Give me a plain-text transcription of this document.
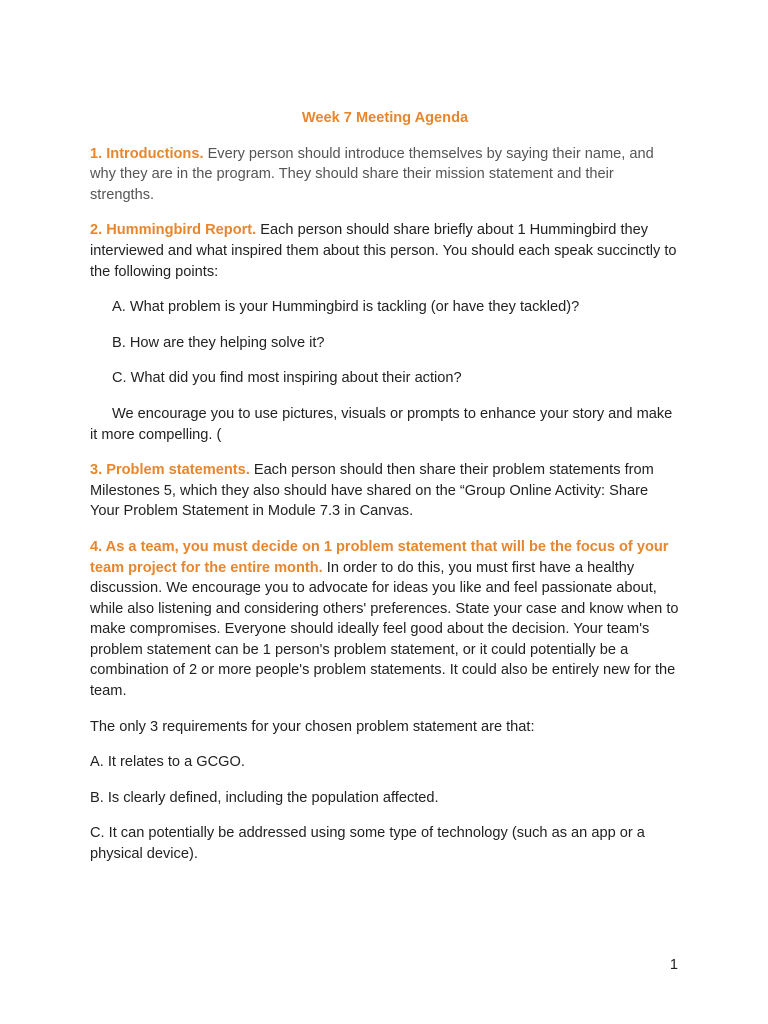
Week 7 Meeting Agenda

1. Introductions. Every person should introduce themselves by saying their name, and why they are in the program. They should share their mission statement and their strengths.

2. Hummingbird Report. Each person should share briefly about 1 Hummingbird they interviewed and what inspired them about this person. You should each speak succinctly to the following points:

A. What problem is your Hummingbird is tackling (or have they tackled)?

B. How are they helping solve it?

C. What did you find most inspiring about their action?

We encourage you to use pictures, visuals or prompts to enhance your story and make it more compelling. (

3. Problem statements. Each person should then share their problem statements from Milestones 5, which they also should have shared on the “Group Online Activity: Share Your Problem Statement in Module 7.3 in Canvas.

4. As a team, you must decide on 1 problem statement that will be the focus of your team project for the entire month. In order to do this, you must first have a healthy discussion. We encourage you to advocate for ideas you like and feel passionate about, while also listening and considering others' preferences. State your case and know when to make compromises. Everyone should ideally feel good about the decision. Your team's problem statement can be 1 person's problem statement, or it could potentially be a combination of 2 or more people's problem statements. It could also be entirely new for the team.

The only 3 requirements for your chosen problem statement are that:

A. It relates to a GCGO.

B. Is clearly defined, including the population affected.

C. It can potentially be addressed using some type of technology (such as an app or a physical device).

1
